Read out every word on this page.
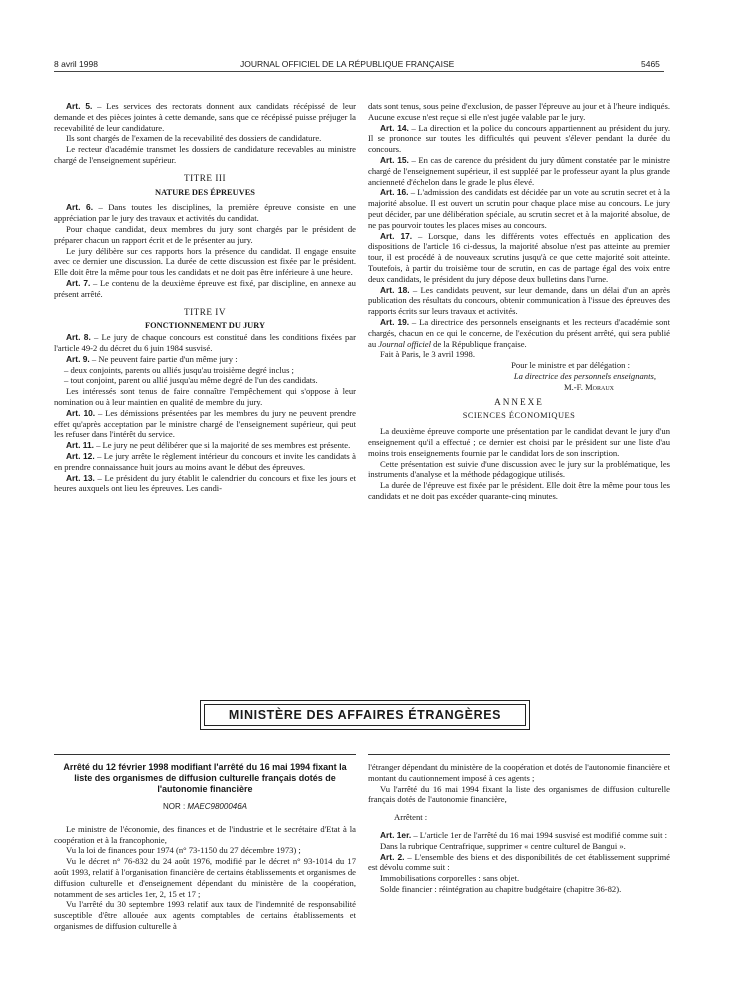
8 avril 1998	JOURNAL OFFICIEL DE LA RÉPUBLIQUE FRANÇAISE	5465

Art. 5. – Les services des rectorats donnent aux candidats récépissé de leur demande et des pièces jointes à cette demande, sans que ce récépissé puisse préjuger la recevabilité de leur candidature.

Ils sont chargés de l'examen de la recevabilité des dossiers de candidature.

Le recteur d'académie transmet les dossiers de candidature recevables au ministre chargé de l'enseignement supérieur.

TITRE III

NATURE DES ÉPREUVES

Art. 6. – Dans toutes les disciplines, la première épreuve consiste en une appréciation par le jury des travaux et activités du candidat.

Pour chaque candidat, deux membres du jury sont chargés par le président de préparer chacun un rapport écrit et de le présenter au jury.

Le jury délibère sur ces rapports hors la présence du candidat. Il engage ensuite avec ce dernier une discussion. La durée de cette discussion est fixée par le président. Elle doit être la même pour tous les candidats et ne doit pas être inférieure à une heure.

Art. 7. – Le contenu de la deuxième épreuve est fixé, par discipline, en annexe au présent arrêté.

TITRE IV

FONCTIONNEMENT DU JURY

Art. 8. – Le jury de chaque concours est constitué dans les conditions fixées par l'article 49-2 du décret du 6 juin 1984 susvisé.

Art. 9. – Ne peuvent faire partie d'un même jury :

– deux conjoints, parents ou alliés jusqu'au troisième degré inclus ;

– tout conjoint, parent ou allié jusqu'au même degré de l'un des candidats.

Les intéressés sont tenus de faire connaître l'empêchement qui s'oppose à leur nomination ou à leur maintien en qualité de membre du jury.

Art. 10. – Les démissions présentées par les membres du jury ne peuvent prendre effet qu'après acceptation par le ministre chargé de l'enseignement supérieur, qui peut les refuser dans l'intérêt du service.

Art. 11. – Le jury ne peut délibérer que si la majorité de ses membres est présente.

Art. 12. – Le jury arrête le règlement intérieur du concours et invite les candidats à en prendre connaissance huit jours au moins avant le début des épreuves.

Art. 13. – Le président du jury établit le calendrier du concours et fixe les jours et heures auxquels ont lieu les épreuves. Les candi-

dats sont tenus, sous peine d'exclusion, de passer l'épreuve au jour et à l'heure indiqués. Aucune excuse n'est reçue si elle n'est jugée valable par le jury.

Art. 14. – La direction et la police du concours appartiennent au président du jury. Il se prononce sur toutes les difficultés qui peuvent s'élever pendant la durée du concours.

Art. 15. – En cas de carence du président du jury dûment constatée par le ministre chargé de l'enseignement supérieur, il est suppléé par le professeur ayant la plus grande ancienneté d'échelon dans le grade le plus élevé.

Art. 16. – L'admission des candidats est décidée par un vote au scrutin secret et à la majorité absolue. Il est ouvert un scrutin pour chaque place mise au concours. Le jury peut décider, par une délibération spéciale, au scrutin secret et à la majorité absolue, de ne pas pourvoir toutes les places mises au concours.

Art. 17. – Lorsque, dans les différents votes effectués en application des dispositions de l'article 16 ci-dessus, la majorité absolue n'est pas atteinte au premier tour, il est procédé à de nouveaux scrutins jusqu'à ce que cette majorité soit atteinte. Toutefois, à partir du troisième tour de scrutin, en cas de partage égal des voix entre deux candidats, le président du jury dépose deux bulletins dans l'urne.

Art. 18. – Les candidats peuvent, sur leur demande, dans un délai d'un an après publication des résultats du concours, obtenir communication à l'issue des épreuves des rapports écrits sur leurs travaux et activités.

Art. 19. – La directrice des personnels enseignants et les recteurs d'académie sont chargés, chacun en ce qui le concerne, de l'exécution du présent arrêté, qui sera publié au Journal officiel de la République française.

Fait à Paris, le 3 avril 1998.

Pour le ministre et par délégation :

La directrice des personnels enseignants,

M.-F. Moraux

ANNEXE

SCIENCES ÉCONOMIQUES

La deuxième épreuve comporte une présentation par le candidat devant le jury d'un enseignement qu'il a effectué ; ce dernier est choisi par le président sur une liste d'au moins trois enseignements fournie par le candidat lors de son inscription.

Cette présentation est suivie d'une discussion avec le jury sur la problématique, les instruments d'analyse et la méthode pédagogique utilisés.

La durée de l'épreuve est fixée par le président. Elle doit être la même pour tous les candidats et ne doit pas excéder quarante-cinq minutes.

MINISTÈRE DES AFFAIRES ÉTRANGÈRES

Arrêté du 12 février 1998 modifiant l'arrêté du 16 mai 1994 fixant la liste des organismes de diffusion culturelle français dotés de l'autonomie financière

NOR : MAEC9800046A

Le ministre de l'économie, des finances et de l'industrie et le secrétaire d'Etat à la coopération et à la francophonie,

Vu la loi de finances pour 1974 (n° 73-1150 du 27 décembre 1973) ;

Vu le décret n° 76-832 du 24 août 1976, modifié par le décret n° 93-1014 du 17 août 1993, relatif à l'organisation financière de certains établissements et organismes de diffusion culturelle et d'enseignement dépendant du ministère de la coopération, notamment de ses articles 1er, 2, 15 et 17 ;

Vu l'arrêté du 30 septembre 1993 relatif aux taux de l'indemnité de responsabilité susceptible d'être allouée aux agents comptables de certains établissements et organismes de diffusion culturelle à

l'étranger dépendant du ministère de la coopération et dotés de l'autonomie financière et montant du cautionnement imposé à ces agents ;

Vu l'arrêté du 16 mai 1994 fixant la liste des organismes de diffusion culturelle français dotés de l'autonomie financière,

Arrêtent :

Art. 1er. – L'article 1er de l'arrêté du 16 mai 1994 susvisé est modifié comme suit :

Dans la rubrique Centrafrique, supprimer « centre culturel de Bangui ».

Art. 2. – L'ensemble des biens et des disponibilités de cet établissement supprimé est dévolu comme suit :

Immobilisations corporelles : sans objet.

Solde financier : réintégration au chapitre budgétaire (chapitre 36-82).
